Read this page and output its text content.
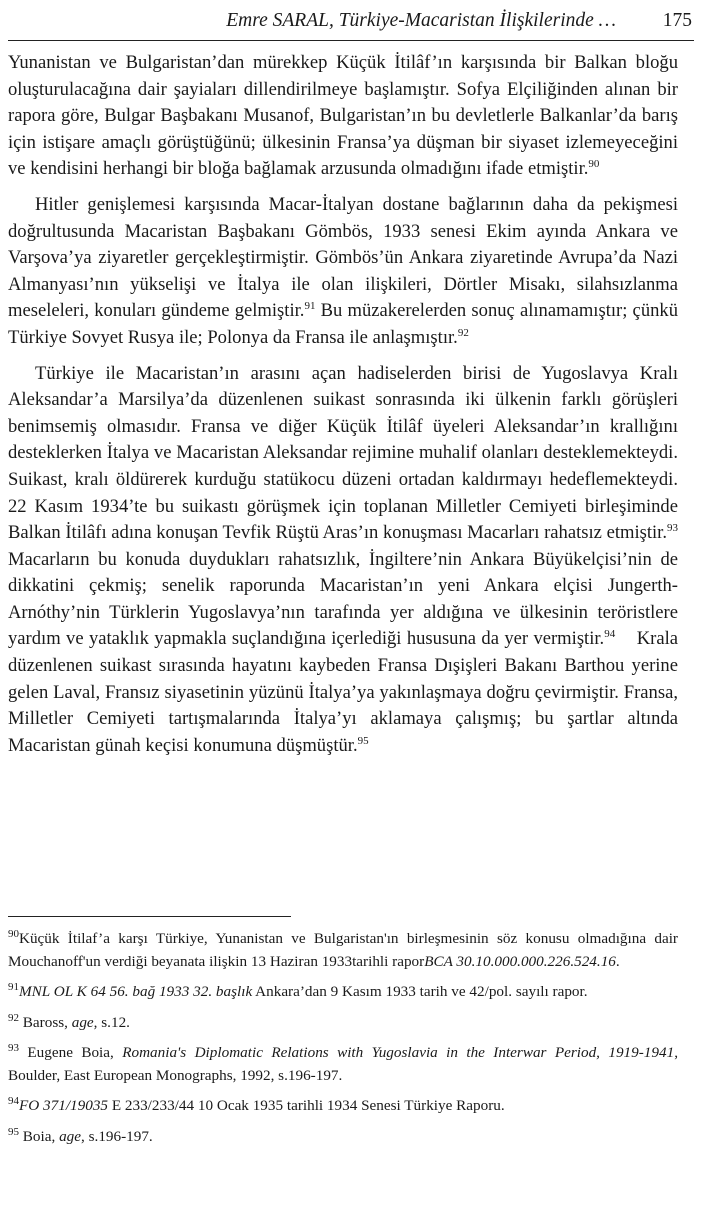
Emre SARAL, Türkiye-Macaristan İlişkilerinde … 175

Yunanistan ve Bulgaristan’dan mürekkep Küçük İtilâf’ın karşısında bir Balkan bloğu oluşturulacağına dair şayiaları dillendirilmeye başlamıştır. Sofya Elçiliğinden alınan bir rapora göre, Bulgar Başbakanı Musanof, Bulgaristan’ın bu devletlerle Balkanlar’da barış için istişare amaçlı görüştüğünü; ülkesinin Fransa’ya düşman bir siyaset izlemeyeceğini ve kendisini herhangi bir bloğa bağlamak arzusunda olmadığını ifade etmiştir.$^{90}$

Hitler genişlemesi karşısında Macar-İtalyan dostane bağlarının daha da pekişmesi doğrultusunda Macaristan Başbakanı Gömbös, 1933 senesi Ekim ayında Ankara ve Varşova’ya ziyaretler gerçekleştirmiştir. Gömbös’ün Ankara ziyaretinde Avrupa’da Nazi Almanyası’nın yükselişi ve İtalya ile olan ilişkileri, Dörtler Misakı, silahsızlanma meseleleri, konuları gündeme gelmiştir.$^{91}$ Bu müzakerelerden sonuç alınamamıştır; çünkü Türkiye Sovyet Rusya ile; Polonya da Fransa ile anlaşmıştır.$^{92}$

Türkiye ile Macaristan’ın arasını açan hadiselerden birisi de Yugoslavya Kralı Aleksandar’a Marsilya’da düzenlenen suikast sonrasında iki ülkenin farklı görüşleri benimsemiş olmasıdır. Fransa ve diğer Küçük İtilâf üyeleri Aleksandar’ın krallığını desteklerken İtalya ve Macaristan Aleksandar rejimine muhalif olanları desteklemekteydi. Suikast, kralı öldürerek kurduğu statükocu düzeni ortadan kaldırmayı hedeflemekteydi. 22 Kasım 1934’te bu suikastı görüşmek için toplanan Milletler Cemiyeti birleşiminde Balkan İtilâfı adına konuşan Tevfik Rüştü Aras’ın konuşması Macarları rahatsız etmiştir.$^{93}$ Macarların bu konuda duydukları rahatsızlık, İngiltere’nin Ankara Büyükelçisi’nin de dikkatini çekmiş; senelik raporunda Macaristan’ın yeni Ankara elçisi Jungerth-Arnóthy’nin Türklerin Yugoslavya’nın tarafında yer aldığına ve ülkesinin teröristlere yardım ve yataklık yapmakla suçlandığına içerlediği hususuna da yer vermiştir.$^{94}$    Krala düzenlenen suikast sırasında hayatını kaybeden Fransa Dışişleri Bakanı Barthou yerine gelen Laval, Fransız siyasetinin yüzünü İtalya’ya yakınlaşmaya doğru çevirmiştir. Fransa, Milletler Cemiyeti tartışmalarında İtalya’yı aklamaya çalışmış; bu şartlar altında Macaristan günah keçisi konumuna düşmüştür.$^{95}$

$^{90}$Küçük İtilaf’a karşı Türkiye, Yunanistan ve Bulgaristan'ın birleşmesinin söz konusu olmadığına dair Mouchanoff'un verdiği beyanata ilişkin 13 Haziran 1933tarihli raporBCA 30.10.000.000.226.524.16.

$^{91}$MNL OL K 64 56. bağ 1933 32. başlık Ankara’dan 9 Kasım 1933 tarih ve 42/pol. sayılı rapor.

$^{92}$ Baross, age, s.12.

$^{93}$ Eugene Boia, Romania's Diplomatic Relations with Yugoslavia in the Interwar Period, 1919-1941, Boulder, East European Monographs, 1992, s.196-197.

$^{94}$FO 371/19035 E 233/233/44 10 Ocak 1935 tarihli 1934 Senesi Türkiye Raporu.

$^{95}$ Boia, age, s.196-197.
